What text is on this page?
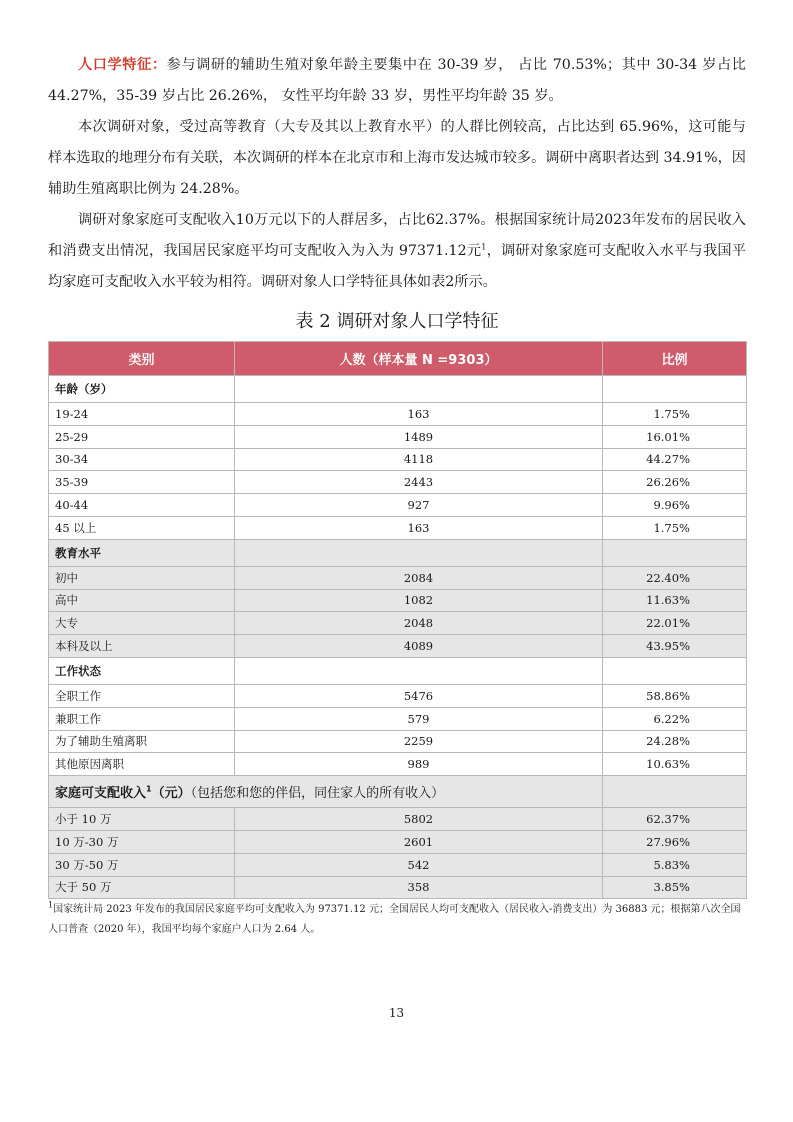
人口学特征：参与调研的辅助生殖对象年龄主要集中在 30-39 岁， 占比 70.53%；其中 30-34 岁占比 44.27%，35-39 岁占比 26.26%， 女性平均年龄 33 岁，男性平均年龄 35 岁。

本次调研对象，受过高等教育（大专及其以上教育水平）的人群比例较高，占比达到 65.96%，这可能与样本选取的地理分布有关联，本次调研的样本在北京市和上海市发达城市较多。调研中离职者达到 34.91%，因辅助生殖离职比例为 24.28%。

调研对象家庭可支配收入10万元以下的人群居多，占比62.37%。根据国家统计局2023年发布的居民收入和消费支出情况，我国居民家庭平均可支配收入为入为 97371.12元$^1$，调研对象家庭可支配收入水平与我国平均家庭可支配收入水平较为相符。调研对象人口学特征具体如表2所示。

表 2 调研对象人口学特征

类别	人数（样本量 N =9303）	比例
年龄（岁）		
19-24	163	1.75%
25-29	1489	16.01%
30-34	4118	44.27%
35-39	2443	26.26%
40-44	927	9.96%
45 以上	163	1.75%
教育水平		
初中	2084	22.40%
高中	1082	11.63%
大专	2048	22.01%
本科及以上	4089	43.95%
工作状态		
全职工作	5476	58.86%
兼职工作	579	6.22%
为了辅助生殖离职	2259	24.28%
其他原因离职	989	10.63%
家庭可支配收入$^1$（元）（包括您和您的伴侣，同住家人的所有收入）		
小于 10 万	5802	62.37%
10 万-30 万	2601	27.96%
30 万-50 万	542	5.83%
大于 50 万	358	3.85%

$^1$国家统计局 2023 年发布的我国居民家庭平均可支配收入为 97371.12 元；全国居民人均可支配收入（居民收入-消费支出）为 36883 元；根据第八次全国人口普查（2020 年），我国平均每个家庭户人口为 2.64 人。

13
